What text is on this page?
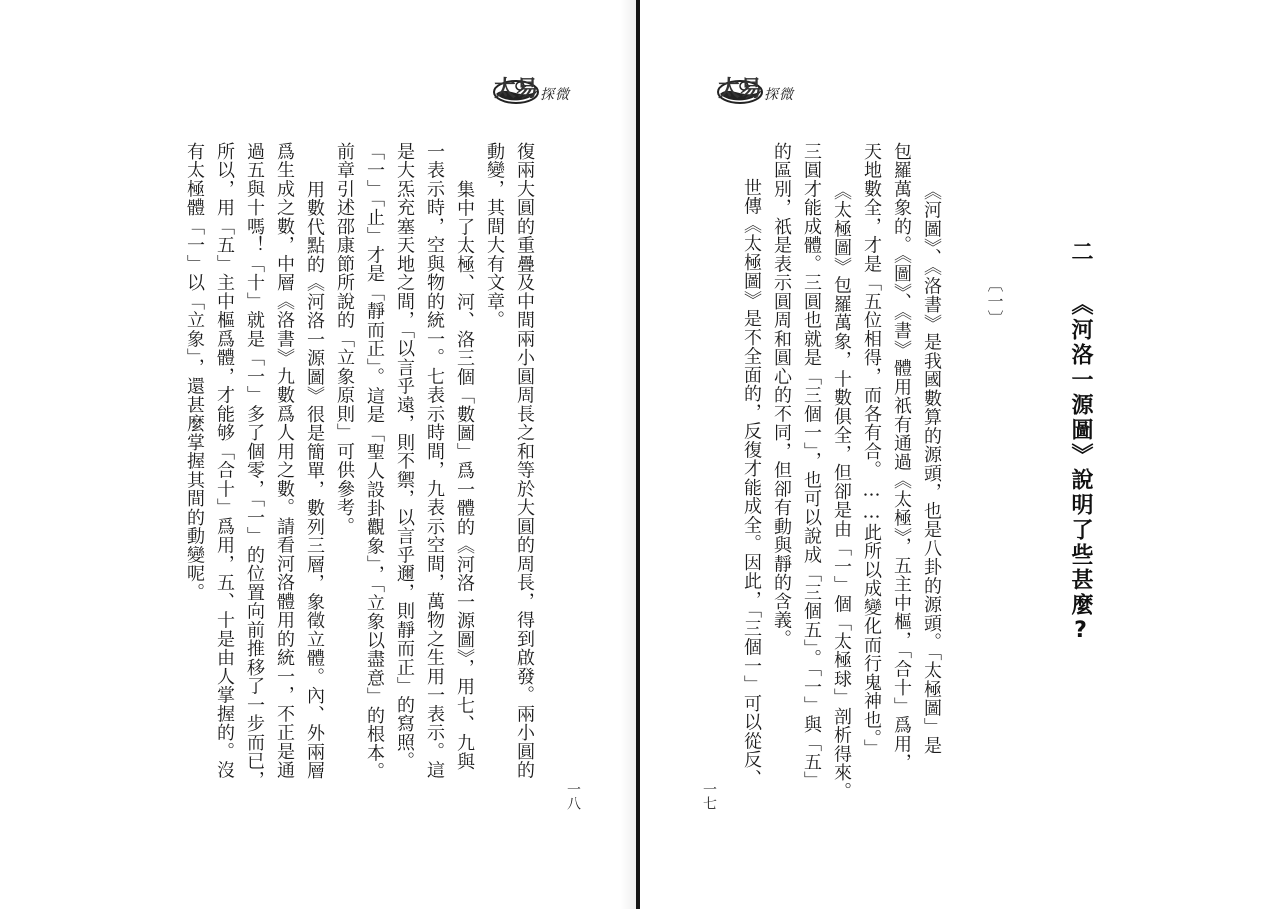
太易 探微
復兩大圓的重疊及中間兩小圓周長之和等於大圓的周長，得到啟發。兩小圓的
動變，其間大有文章。
集中了太極、河、洛三個「數圖」爲一體的《河洛一源圖》，用七、九與
一表示時，空與物的統一。七表示時間，九表示空間，萬物之生用一表示。這
是大炁充塞天地之間，「以言乎遠，則不禦，以言乎邇，則靜而正」的寫照。
「一」「止」才是「靜而正」。這是「聖人設卦觀象」，「立象以盡意」的根本。
前章引述邵康節所說的「立象原則」可供參考。
用數代點的《河洛一源圖》很是簡單，數列三層，象徵立體。內、外兩層
爲生成之數，中層《洛書》九數爲人用之數。請看河洛體用的統一，不正是通
過五與十嗎！「十」就是「一」多了個零，「一」的位置向前推移了一步而已，
所以，用「五」主中樞爲體，才能够「合十」爲用，五、十是由人掌握的。沒
有太極體「一」以「立象」，還甚麼掌握其間的動變呢。
一八
太易 探微
二 《河洛一源圖》說明了些甚麼?
〔一〕
《河圖》、《洛書》是我國數算的源頭，也是八卦的源頭。「太極圖」是
包羅萬象的。《圖》、《書》體用祇有通過《太極》，五主中樞，「合十」爲用，
天地數全，才是「五位相得，而各有合。……此所以成變化而行鬼神也。」
《太極圖》包羅萬象，十數俱全，但卻是由「一」個「太極球」剖析得來。
三圓才能成體。三圓也就是「三個一」，也可以說成「三個五」。「一」與「五」
的區別，祇是表示圓周和圓心的不同，但卻有動與靜的含義。
世傳《太極圖》是不全面的，反復才能成全。因此，「三個一」可以從反、
一七
